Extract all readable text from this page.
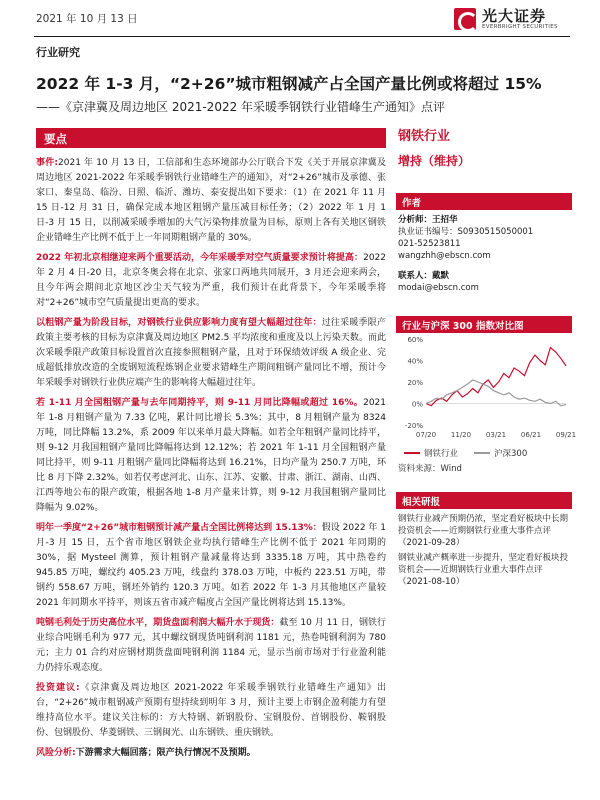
2021 年 10 月 13 日	光大证券
EVERBRIGHT SECURITIES
行业研究
2022 年 1-3 月，“2+26”城市粗钢减产占全国产量比例或将超过 15%
——《京津冀及周边地区 2021-2022 年采暖季钢铁行业错峰生产通知》点评
要点

事件:2021 年 10 月 13 日，工信部和生态环境部办公厅联合下发《关于开展京津冀及周边地区 2021-2022 年采暖季钢铁行业错峰生产的通知》，对“2+26”城市及承德、张家口、秦皇岛、临汾、日照、临沂、潍坊、泰安提出如下要求：（1）在 2021 年 11 月 15 日-12 月 31 日，确保完成本地区粗钢产量压减目标任务；（2）2022 年 1 月 1 日-3 月 15 日，以削减采暖季增加的大气污染物排放量为目标，原则上各有关地区钢铁企业错峰生产比例不低于上一年同期粗钢产量的 30%。

2022 年初北京相继迎来两个重要活动，今年采暖季对空气质量要求预计将提高：2022 年 2 月 4 日-20 日，北京冬奥会将在北京、张家口两地共同展开，3 月还会迎来两会，且今年两会期间北京地区沙尘天气较为严重，我们预计在此背景下，今年采暖季将对“2+26”城市空气质量提出更高的要求。

以粗钢产量为阶段目标，对钢铁行业供应影响力度有望大幅超过往年：过往采暖季限产政策主要考核的目标为京津冀及周边地区 PM2.5 平均浓度和重度及以上污染天数。而此次采暖季限产政策目标设置首次直接参照粗钢产量，且对于环保绩效评级 A 级企业、完成超低排放改造的全废钢短流程炼钢企业要求错峰生产期间粗钢产量同比不增，预计今年采暖季对钢铁行业供应端产生的影响将大幅超过往年。

若 1-11 月全国粗钢产量与去年同期持平，则 9-11 月同比降幅或超过 16%。2021 年 1-8 月粗钢产量为 7.33 亿吨，累计同比增长 5.3%；其中，8 月粗钢产量为 8324 万吨，同比降幅 13.2%，系 2009 年以来单月最大降幅。如若全年粗钢产量同比持平，则 9-12 月我国粗钢产量同比降幅将达到 12.12%；若 2021 年 1-11 月全国粗钢产量同比持平，则 9-11 月粗钢产量同比降幅将达到 16.21%，日均产量为 250.7 万吨，环比 8 月下降 2.32%。如若仅考虑河北、山东、江苏、安徽、甘肃、浙江、湖南、山西、江西等地公布的限产政策，根据各地 1-8 月产量来计算，则 9-12 月我国粗钢产量同比降幅为 9.02%。

明年一季度“2+26”城市粗钢预计减产量占全国比例将达到 15.13%：假设 2022 年 1 月-3 月 15 日，五个省市地区钢铁企业均执行错峰生产比例不低于 2021 年同期的 30%，据 Mysteel 测算，预计粗钢产量减量将达到 3335.18 万吨，其中热卷约 945.85 万吨，螺纹约 405.23 万吨，线盘约 378.03 万吨，中板约 223.51 万吨，带钢约 558.67 万吨，钢坯外销约 120.3 万吨。如若 2022 年 1-3 月其他地区产量较 2021 年同期水平持平，则该五省市减产幅度占全国产量比例将达到 15.13%。

吨钢毛利处于历史高位水平，期货盘面利润大幅升水于现货：截至 10 月 11 日，钢铁行业综合吨钢毛利为 977 元，其中螺纹钢现货吨钢利润 1181 元，热卷吨钢利润为 780 元；主力 01 合约对应钢材期货盘面吨钢利润 1184 元，显示当前市场对于行业盈利能力仍持乐观态度。

投资建议:《京津冀及周边地区 2021-2022 年采暖季钢铁行业错峰生产通知》出台，“2+26”城市粗钢减产预期有望持续到明年 3 月，预计主要上市钢企盈利能力有望维持高位水平。建议关注标的：方大特钢、新钢股份、宝钢股份、首钢股份、鞍钢股份、包钢股份、华菱钢铁、三钢闽光、山东钢铁、重庆钢铁。

风险分析:下游需求大幅回落；限产执行情况不及预期。

钢铁行业
增持（维持）
作者
分析师：王招华
执业证书编号：S0930515050001
021-52523811
wangzhh@ebscn.com
联系人：戴默
modai@ebscn.com
行业与沪深 300 指数对比图
60%
40%
20%
0%
-20%
07/20 11/20 03/21 06/21 09/21
钢铁行业	沪深300
资料来源：Wind
相关研报
钢铁行业减产预期仍浓，坚定看好板块中长期投资机会——近期钢铁行业重大事件点评
（2021-09-28）
钢铁业减产概率进一步提升，坚定看好板块投资机会——近期钢铁行业重大事件点评
（2021-08-10）
